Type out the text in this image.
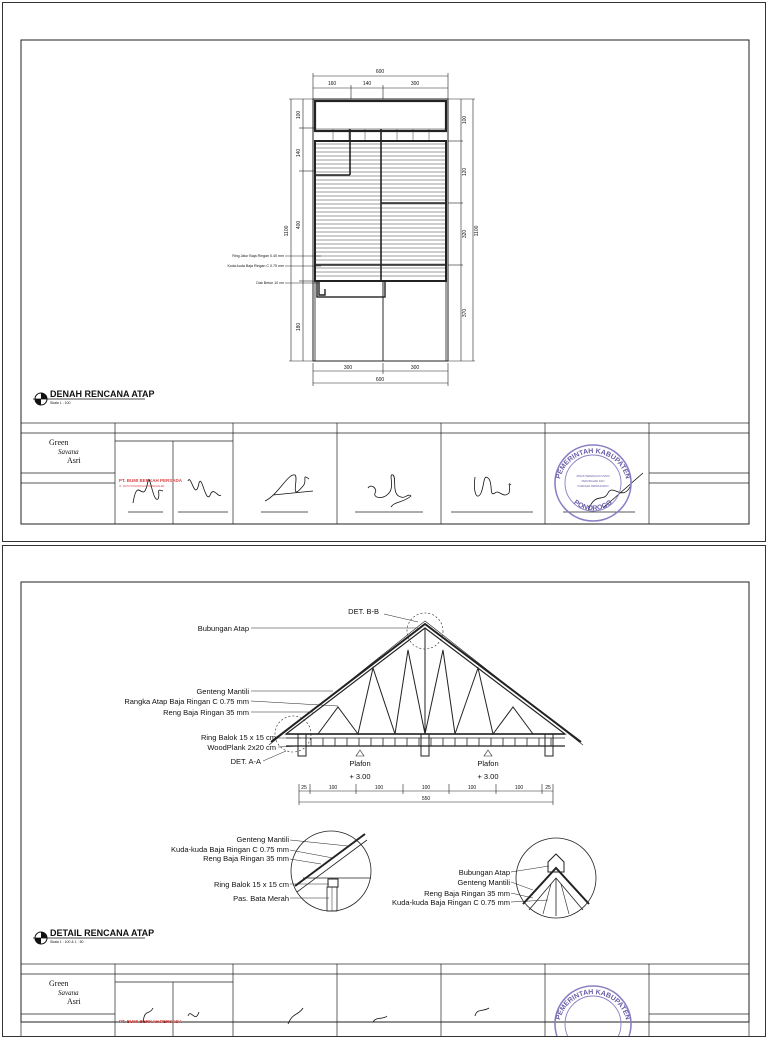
600
160	140	300
100
140
400
180
1100
100
120
320
370
1100
300	300
600
Ring Jalur Baja Ringan 0.40 mm
Kuda-kuda Baja Ringan C 0.75 mm
Dak Beton 10 cm
DENAH RENCANA ATAP
Skala 1 : 100
Green
Savana
Asri
PT. BUMI BERKAH PERSADA
JL. RAYA PONOROGO TRENGGALEK
PEMERINTAH KABUPATEN
PONOROGO
DINAS PEKERJAAN UMUM
PERUMAHAN DAN
KAWASAN PERMUKIMAN
DET. B-B
Bubungan Atap
Genteng Mantili
Rangka Atap Baja Ringan C 0.75 mm
Reng Baja Ringan 35 mm
Ring Balok 15 x 15 cm
WoodPlank 2x20 cm
DET. A-A	Plafon
+ 3.00
Plafon
+ 3.00
25	100	100	100	100	100	25
550
Genteng Mantili
Kuda-kuda Baja Ringan C 0.75 mm
Reng Baja Ringan 35 mm
Ring Balok 15 x 15 cm
Pas. Bata Merah
Bubungan Atap
Genteng Mantili
Reng Baja Ringan 35 mm
Kuda-kuda Baja Ringan C 0.75 mm
DETAIL RENCANA ATAP
Skala 1 : 100 & 1 : 50
Green
Savana
Asri
PT. BUMI BERKAH PERSADA
PEMERINTAH KABUPATEN
